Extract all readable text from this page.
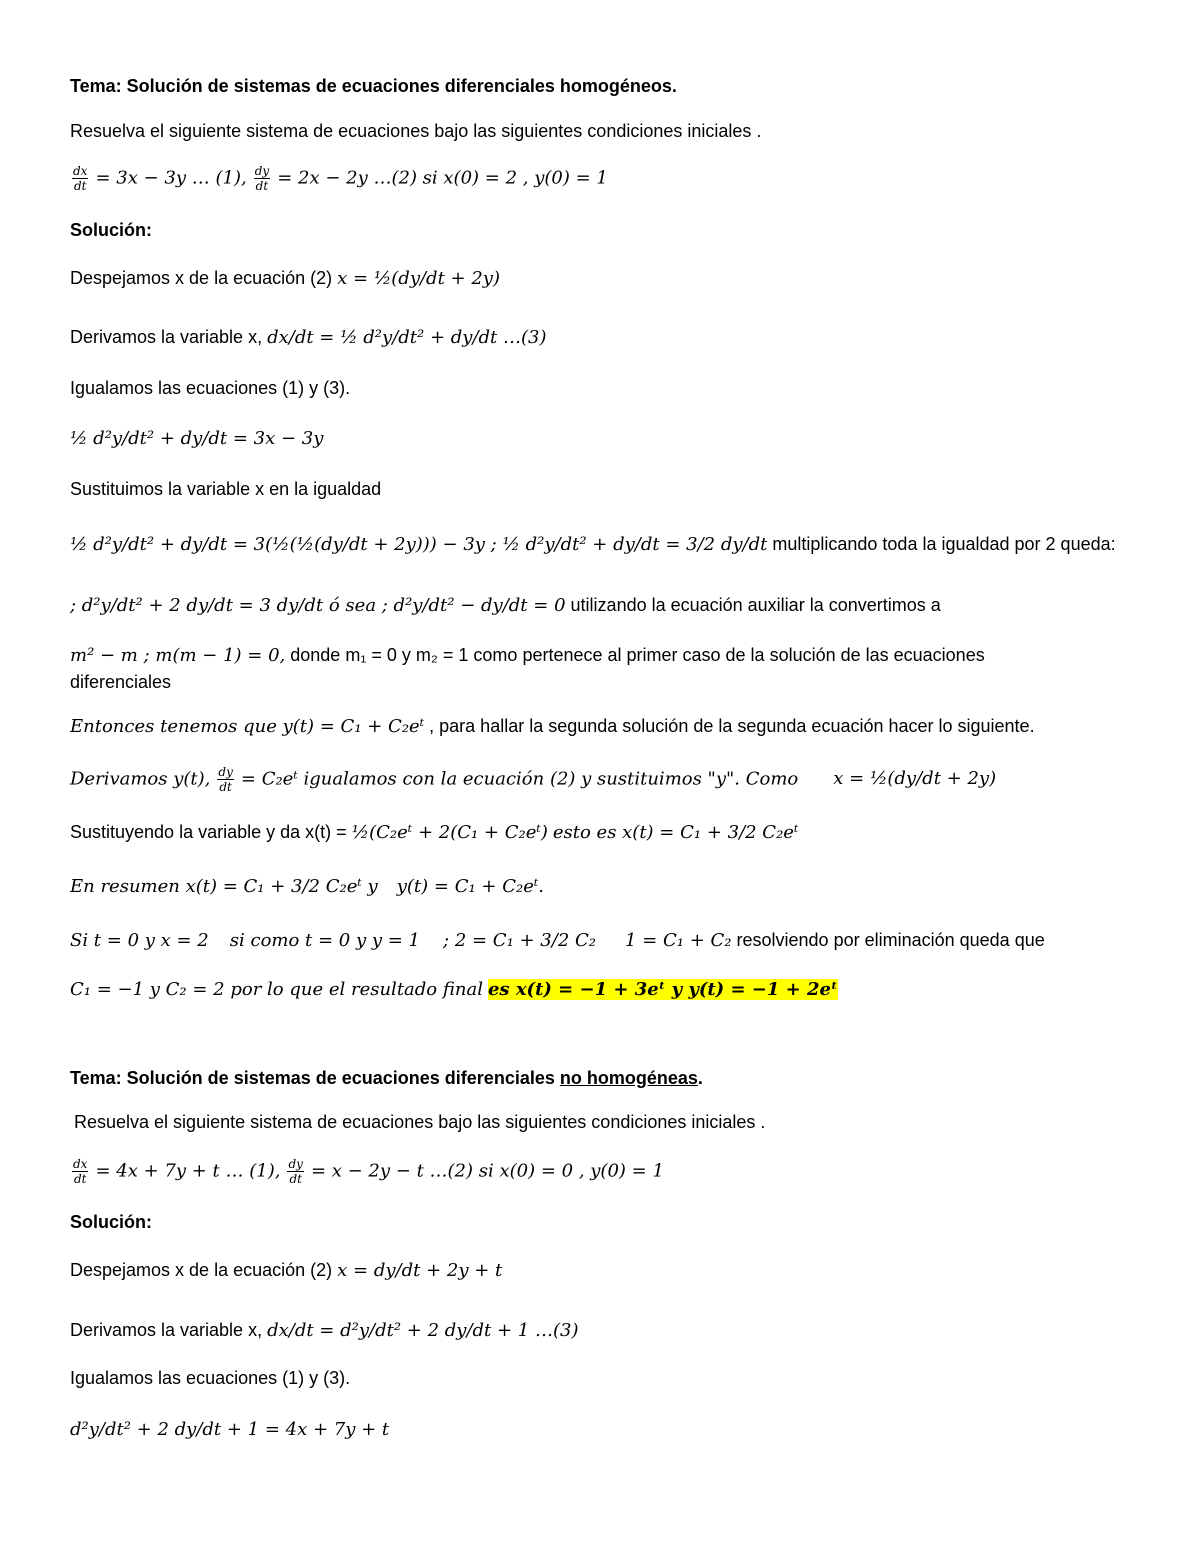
Tema: Solución de sistemas de ecuaciones diferenciales homogéneos.
Resuelva el siguiente sistema de ecuaciones bajo las siguientes condiciones iniciales .
$\frac{dx}{dt} = 3x - 3y$ … (1), $\frac{dy}{dt} = 2x - 2y$ …(2) si x(0) = 2 , y(0) = 1
Solución:
Despejamos x de la ecuación (2) x = ½(dy/dt + 2y)
Derivamos la variable x, dx/dt = ½ d²y/dt² + dy/dt …(3)
Igualamos las ecuaciones (1) y (3).
½ d²y/dt² + dy/dt = 3x − 3y
Sustituimos la variable x en la igualdad
½ d²y/dt² + dy/dt = 3(½(½(dy/dt + 2y))) − 3y ; ½ d²y/dt² + dy/dt = 3/2 dy/dt multiplicando toda la igualdad por 2 queda:
; d²y/dt² + 2 dy/dt = 3 dy/dt ó sea ; d²y/dt² − dy/dt = 0 utilizando la ecuación auxiliar la convertimos a
m² − m ; m(m − 1) = 0, donde m₁ = 0 y m₂ = 1 como pertenece al primer caso de la solución de las ecuaciones
diferenciales
Entonces tenemos que y(t) = C₁ + C₂eᵗ , para hallar la segunda solución de la segunda ecuación hacer lo siguiente.
Derivamos y(t), $\frac{dy}{dt}$ = C₂eᵗ igualamos con la ecuación (2) y sustituimos "y". Como x = ½(dy/dt + 2y)
Sustituyendo la variable y da x(t) = ½(C₂eᵗ + 2(C₁ + C₂eᵗ) esto es x(t) = C₁ + 3/2 C₂eᵗ
En resumen x(t) = C₁ + 3/2 C₂eᵗ y y(t) = C₁ + C₂eᵗ.
Si t = 0 y x = 2 si como t = 0 y y = 1 ; 2 = C₁ + 3/2 C₂ 1 = C₁ + C₂ resolviendo por eliminación queda que
C₁ = −1 y C₂ = 2 por lo que el resultado final es x(t) = −1 + 3eᵗ y y(t) = −1 + 2eᵗ
Tema: Solución de sistemas de ecuaciones diferenciales no homogéneas.
Resuelva el siguiente sistema de ecuaciones bajo las siguientes condiciones iniciales .
$\frac{dx}{dt} = 4x + 7y + t$ … (1), $\frac{dy}{dt} = x - 2y - t$ …(2) si x(0) = 0 , y(0) = 1
Solución:
Despejamos x de la ecuación (2) x = dy/dt + 2y + t
Derivamos la variable x, dx/dt = d²y/dt² + 2 dy/dt + 1 …(3)
Igualamos las ecuaciones (1) y (3).
d²y/dt² + 2 dy/dt + 1 = 4x + 7y + t
